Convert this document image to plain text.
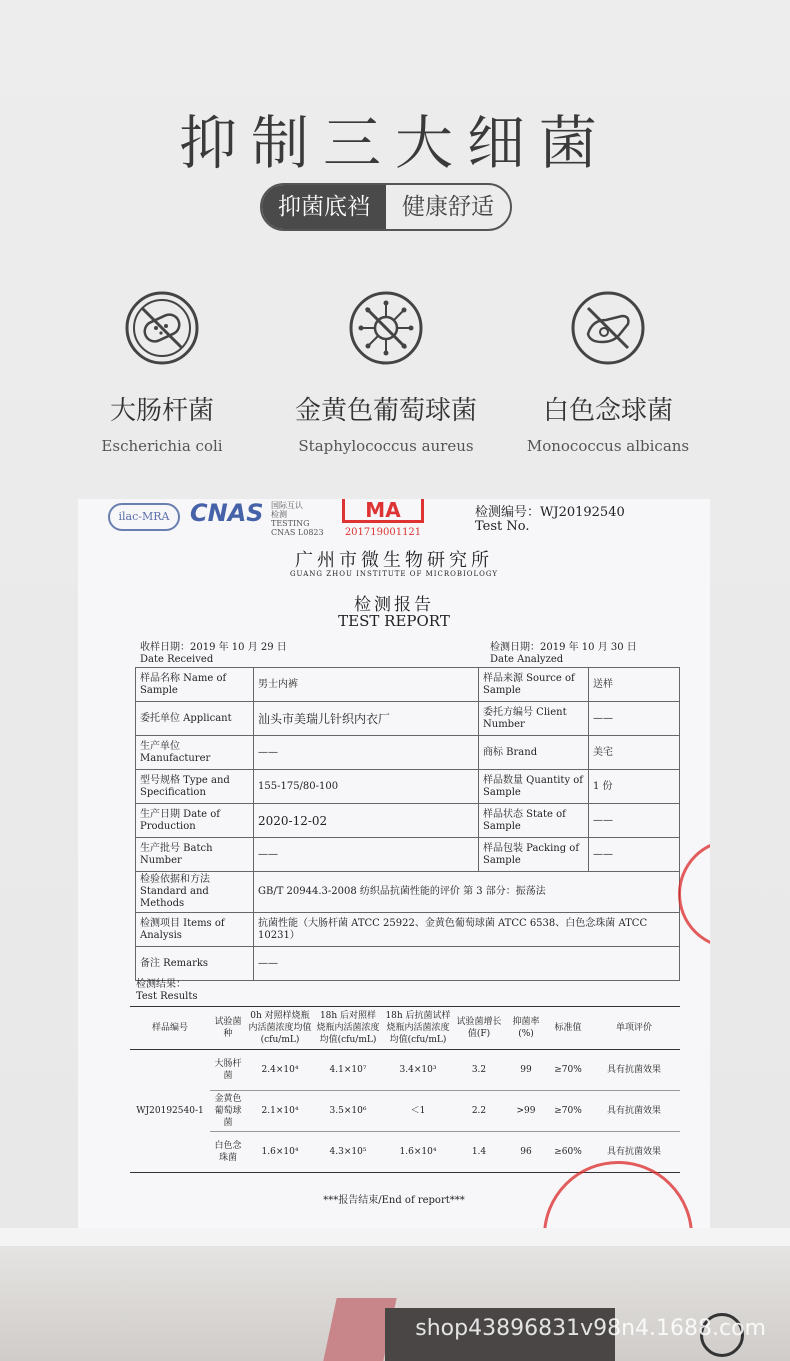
抑制三大细菌
抑菌底裆	健康舒适
大肠杆菌
Escherichia coli
金黄色葡萄球菌
Staphylococcus aureus
白色念球菌
Monococcus albicans
ilac-MRA CNAS 国际互认
检测
TESTING
CNAS L0823
MA
201719001121
检测编号：WJ20192540
Test No.
广州市微生物研究所
GUANG ZHOU INSTITUTE OF MICROBIOLOGY
检测报告
TEST REPORT
收样日期：2019 年 10 月 29 日
Date Received
检测日期：2019 年 10 月 30 日
Date Analyzed
样品名称 Name of Sample	男士内裤	样品来源 Source of Sample	送样
委托单位 Applicant	汕头市美瑞儿针织内衣厂	委托方编号 Client Number	——
生产单位 Manufacturer	——	商标 Brand	美宅
型号规格 Type and Specification	155-175/80-100	样品数量 Quantity of Sample	1 份
生产日期 Date of Production	2020-12-02	样品状态 State of Sample	——
生产批号 Batch Number	——	样品包装 Packing of Sample	——
检验依据和方法 Standard and Methods	GB/T 20944.3-2008 纺织品抗菌性能的评价 第 3 部分：振荡法		
检测项目 Items of Analysis	抗菌性能（大肠杆菌 ATCC 25922、金黄色葡萄球菌 ATCC 6538、白色念珠菌 ATCC 10231）		
备注 Remarks	——		
检测结果：
Test Results
样品编号	试验菌种	0h 对照样烧瓶内活菌浓度均值(cfu/mL)	18h 后对照样烧瓶内活菌浓度均值(cfu/mL)	18h 后抗菌试样烧瓶内活菌浓度均值(cfu/mL)	试验菌增长值(F)	抑菌率(%)	标准值	单项评价
WJ20192540-1	大肠杆菌	2.4×10⁴	4.1×10⁷	3.4×10³	3.2	99	≥70%	具有抗菌效果
	金黄色葡萄球菌	2.1×10⁴	3.5×10⁶	＜1	2.2	>99	≥70%	具有抗菌效果
	白色念珠菌	1.6×10⁴	4.3×10⁵	1.6×10⁴	1.4	96	≥60%	具有抗菌效果
***报告结束/End of report***
shop43896831v98n4.1688.com
